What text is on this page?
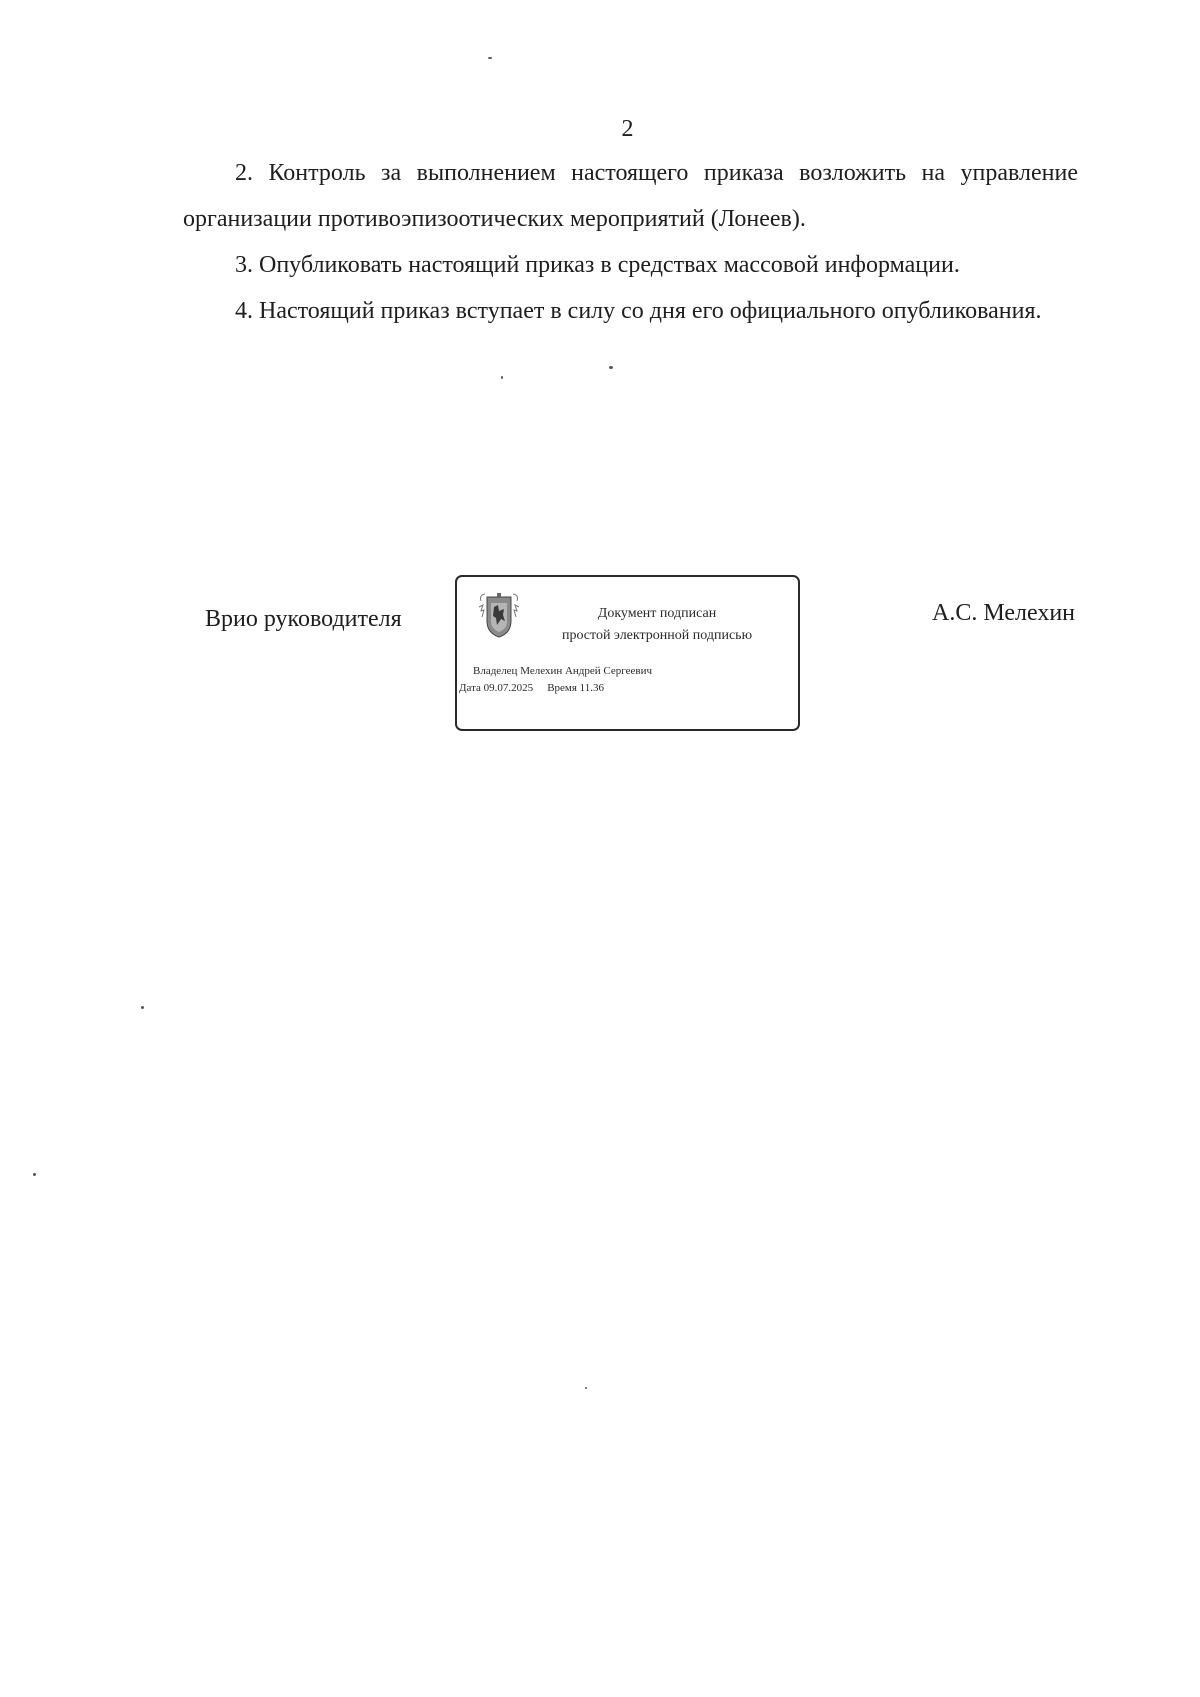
2
2. Контроль за выполнением настоящего приказа возложить на управление организации противоэпизоотических мероприятий (Лонеев).
3. Опубликовать настоящий приказ в средствах массовой информации.
4. Настоящий приказ вступает в силу со дня его официального опубликования.
Врио руководителя	Документ подписан
простой электронной подписью
Владелец Мелехин Андрей Сергеевич
Дата 09.07.2025 Время 11.36
А.С. Мелехин
